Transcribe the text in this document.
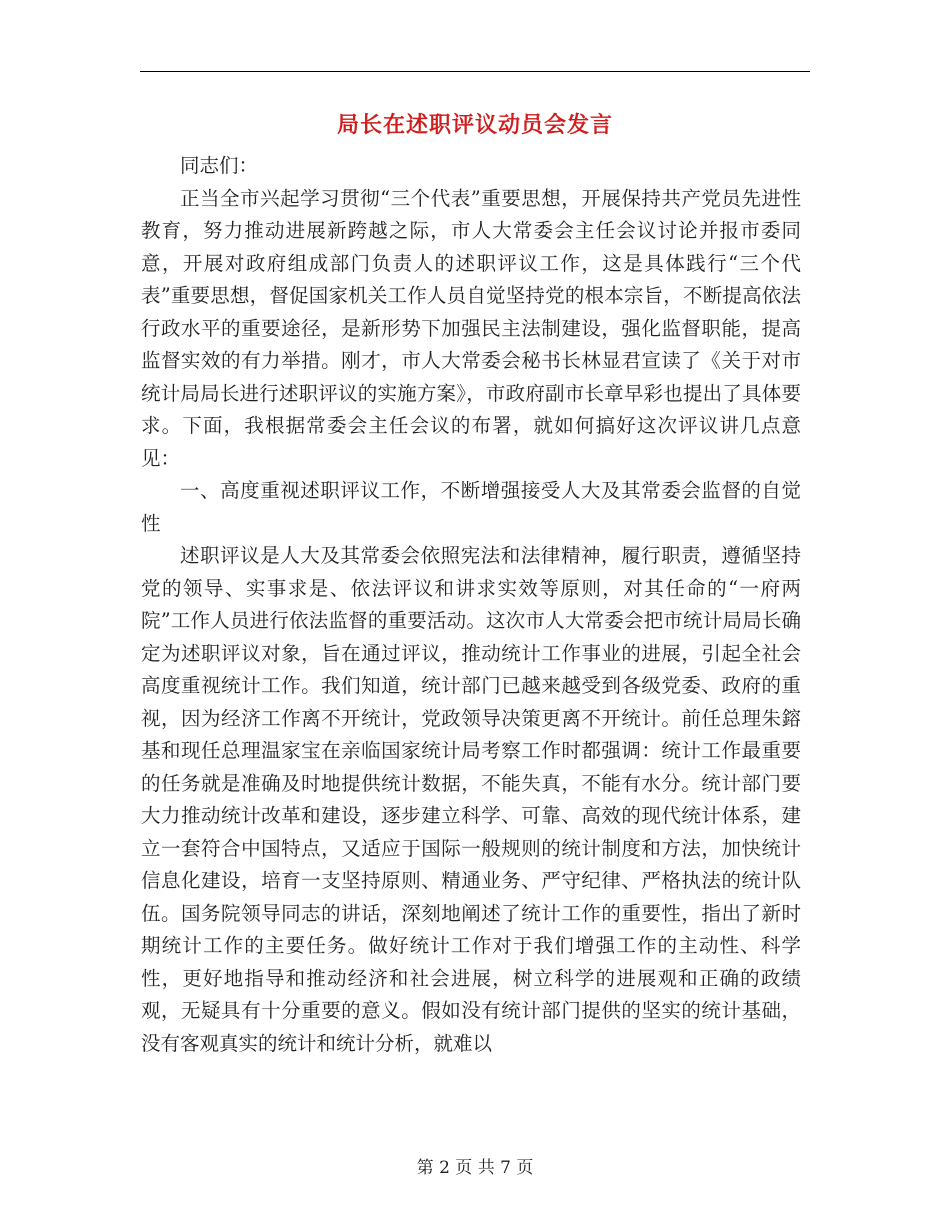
局长在述职评议动员会发言

同志们：

正当全市兴起学习贯彻“三个代表”重要思想，开展保持共产党员先进性教育，努力推动进展新跨越之际，市人大常委会主任会议讨论并报市委同意，开展对政府组成部门负责人的述职评议工作，这是具体践行“三个代表”重要思想，督促国家机关工作人员自觉坚持党的根本宗旨，不断提高依法行政水平的重要途径，是新形势下加强民主法制建设，强化监督职能，提高监督实效的有力举措。刚才，市人大常委会秘书长林显君宣读了《关于对市统计局局长进行述职评议的实施方案》，市政府副市长章早彩也提出了具体要求。下面，我根据常委会主任会议的布署，就如何搞好这次评议讲几点意见：

一、高度重视述职评议工作，不断增强接受人大及其常委会监督的自觉性

述职评议是人大及其常委会依照宪法和法律精神，履行职责，遵循坚持党的领导、实事求是、依法评议和讲求实效等原则，对其任命的“一府两院”工作人员进行依法监督的重要活动。这次市人大常委会把市统计局局长确定为述职评议对象，旨在通过评议，推动统计工作事业的进展，引起全社会高度重视统计工作。我们知道，统计部门已越来越受到各级党委、政府的重视，因为经济工作离不开统计，党政领导决策更离不开统计。前任总理朱鎔基和现任总理温家宝在亲临国家统计局考察工作时都强调：统计工作最重要的任务就是准确及时地提供统计数据，不能失真，不能有水分。统计部门要大力推动统计改革和建设，逐步建立科学、可靠、高效的现代统计体系，建立一套符合中国特点，又适应于国际一般规则的统计制度和方法，加快统计信息化建设，培育一支坚持原则、精通业务、严守纪律、严格执法的统计队伍。国务院领导同志的讲话，深刻地阐述了统计工作的重要性，指出了新时期统计工作的主要任务。做好统计工作对于我们增强工作的主动性、科学性，更好地指导和推动经济和社会进展，树立科学的进展观和正确的政绩观，无疑具有十分重要的意义。假如没有统计部门提供的坚实的统计基础，没有客观真实的统计和统计分析，就难以

第 2 页 共 7 页
